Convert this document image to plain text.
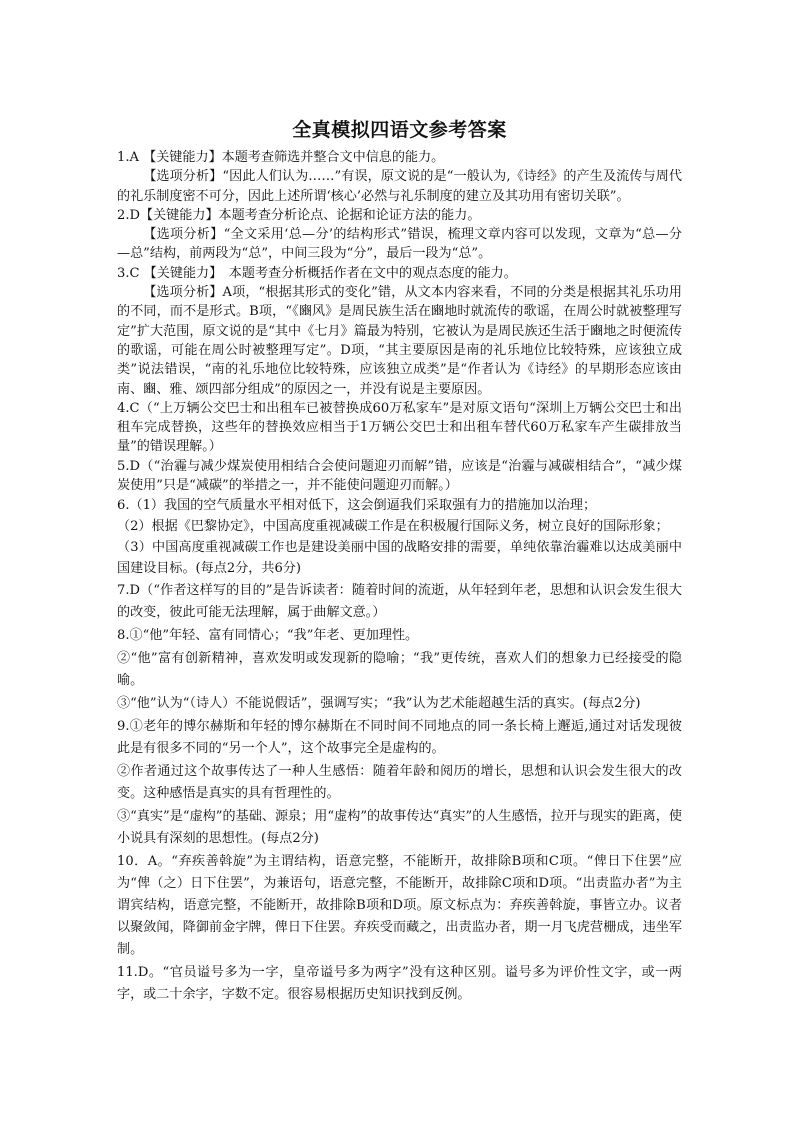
全真模拟四语文参考答案

1.A 【关键能力】本题考查筛选并整合文中信息的能力。

【选项分析】“因此人们认为……”有误，原文说的是“一般认为,《诗经》的产生及流传与周代的礼乐制度密不可分，因此上述所谓‘核心’必然与礼乐制度的建立及其功用有密切关联”。

2.D【关键能力】本题考查分析论点、论据和论证方法的能力。

【选项分析】“全文采用‘总—分’的结构形式”错误，梳理文章内容可以发现，文章为“总—分—总”结构，前两段为“总”，中间三段为“分”，最后一段为“总”。

3.C 【关键能力】　本题考查分析概括作者在文中的观点态度的能力。

【选项分析】A项，“根据其形式的变化”错，从文本内容来看，不同的分类是根据其礼乐功用的不同，而不是形式。B项，“《豳风》是周民族生活在豳地时就流传的歌谣，在周公时就被整理写定”扩大范围，原文说的是“其中《七月》篇最为特别，它被认为是周民族还生活于豳地之时便流传的歌谣，可能在周公时被整理写定”。D项，“其主要原因是南的礼乐地位比较特殊，应该独立成类”说法错误，“南的礼乐地位比较特殊，应该独立成类”是“作者认为《诗经》的早期形态应该由南、豳、雅、颂四部分组成”的原因之一，并没有说是主要原因。

4.C（“上万辆公交巴士和出租车已被替换成60万私家车”是对原文语句“深圳上万辆公交巴士和出租车完成替换，这些年的替换效应相当于1万辆公交巴士和出租车替代60万私家车产生碳排放当量”的错误理解。）

5.D（“治霾与减少煤炭使用相结合会使问题迎刃而解”错，应该是“治霾与减碳相结合”，“减少煤炭使用”只是“减碳”的举措之一，并不能使问题迎刃而解。）

6.（1）我国的空气质量水平相对低下，这会倒逼我们采取强有力的措施加以治理；

（2）根据《巴黎协定》，中国高度重视减碳工作是在积极履行国际义务，树立良好的国际形象；

（3）中国高度重视减碳工作也是建设美丽中国的战略安排的需要，单纯依靠治霾难以达成美丽中国建设目标。(每点2分，共6分)

7.D（“作者这样写的目的”是告诉读者：随着时间的流逝，从年轻到年老，思想和认识会发生很大的改变，彼此可能无法理解，属于曲解文意。）

8.①“他”年轻、富有同情心；“我”年老、更加理性。

②“他”富有创新精神，喜欢发明或发现新的隐喻；“我”更传统，喜欢人们的想象力已经接受的隐喻。

③“他”认为“（诗人）不能说假话”，强调写实；“我”认为艺术能超越生活的真实。(每点2分)

9.①老年的博尔赫斯和年轻的博尔赫斯在不同时间不同地点的同一条长椅上邂逅,通过对话发现彼此是有很多不同的“另一个人”，这个故事完全是虚构的。

②作者通过这个故事传达了一种人生感悟：随着年龄和阅历的增长，思想和认识会发生很大的改变。这种感悟是真实的具有哲理性的。

③“真实”是“虚构”的基础、源泉；用“虚构”的故事传达“真实”的人生感悟，拉开与现实的距离，使小说具有深刻的思想性。(每点2分)

10．A。“弃疾善斡旋”为主谓结构，语意完整，不能断开，故排除B项和C项。“俾日下住罢”应为“俾（之）日下住罢”，为兼语句，语意完整，不能断开，故排除C项和D项。“出责监办者”为主谓宾结构，语意完整，不能断开，故排除B项和D项。原文标点为：弃疾善斡旋，事皆立办。议者以聚敛闻，降御前金字牌，俾日下住罢。弃疾受而藏之，出责监办者，期一月飞虎营栅成，违坐军制。

11.D。“官员谥号多为一字，皇帝谥号多为两字”没有这种区别。谥号多为评价性文字，或一两字，或二十余字，字数不定。很容易根据历史知识找到反例。
